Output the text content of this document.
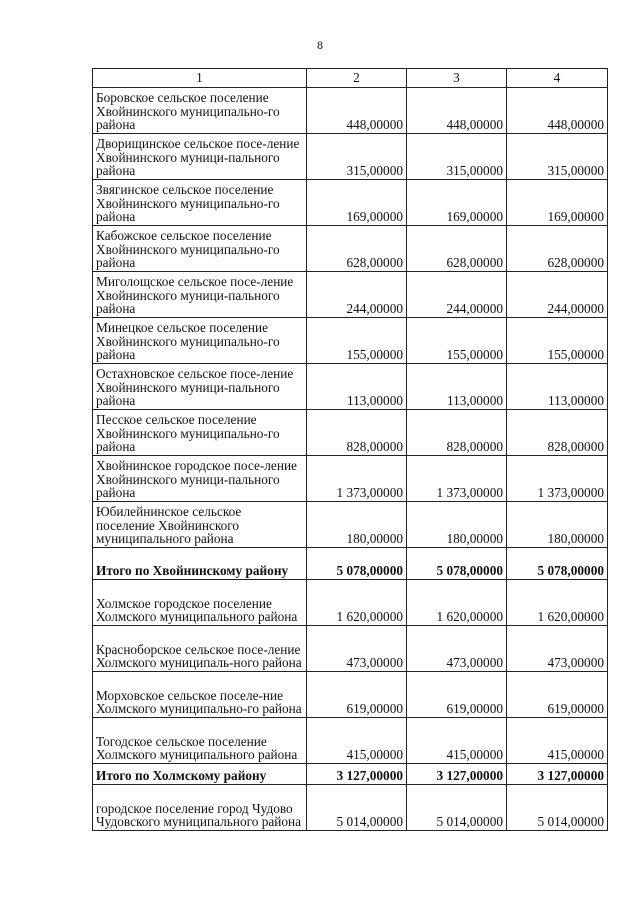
8
1	2	3	4
Боровское сельское поселение Хвойнинского муниципально-го района	448,00000	448,00000	448,00000
Дворищинское сельское посе-ление Хвойнинского муници-пального района	315,00000	315,00000	315,00000
Звягинское сельское поселение Хвойнинского муниципально-го района	169,00000	169,00000	169,00000
Кабожское сельское поселение Хвойнинского муниципально-го района	628,00000	628,00000	628,00000
Миголощское сельское посе-ление Хвойнинского муници-пального района	244,00000	244,00000	244,00000
Минецкое сельское поселение Хвойнинского муниципально-го района	155,00000	155,00000	155,00000
Остахновское сельское посе-ление Хвойнинского муници-пального района	113,00000	113,00000	113,00000
Песское сельское поселение Хвойнинского муниципально-го района	828,00000	828,00000	828,00000
Хвойнинское городское посе-ление Хвойнинского муници-пального района	1 373,00000	1 373,00000	1 373,00000
Юбилейнинское сельское поселение Хвойнинского муниципального района	180,00000	180,00000	180,00000
Итого по Хвойнинскому району	5 078,00000	5 078,00000	5 078,00000
Холмское городское поселение Холмского муниципального района	1 620,00000	1 620,00000	1 620,00000
Красноборское сельское посе-ление Холмского муниципаль-ного района	473,00000	473,00000	473,00000
Морховское сельское поселе-ние Холмского муниципально-го района	619,00000	619,00000	619,00000
Тогодское сельское поселение Холмского муниципального района	415,00000	415,00000	415,00000
Итого по Холмскому району	3 127,00000	3 127,00000	3 127,00000
городское поселение город Чудово Чудовского муниципального района	5 014,00000	5 014,00000	5 014,00000
